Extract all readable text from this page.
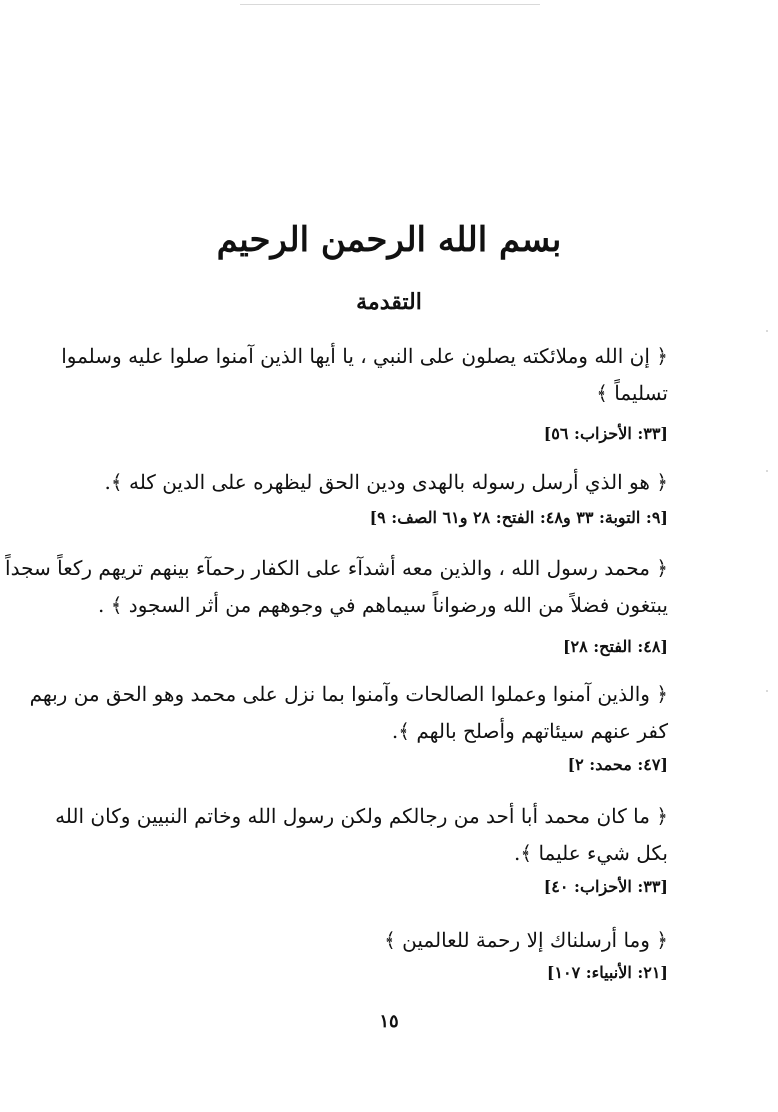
بسم الله الرحمن الرحيم
التقدمة
﴿ إن الله وملائكته يصلون على النبي ، يا أيها الذين آمنوا صلوا عليه وسلموا
تسليماً ﴾
[٣٣: الأحزاب: ٥٦]
﴿ هو الذي أرسل رسوله بالهدى ودين الحق ليظهره على الدين كله ﴾.
[٩: التوبة: ٣٣ و٤٨: الفتح: ٢٨ و٦١ الصف: ٩]
﴿ محمد رسول الله ، والذين معه أشدآء على الكفار رحمآء بينهم تريهم ركعاً سجداً
يبتغون فضلاً من الله ورضواناً سيماهم في وجوههم من أثر السجود ﴾ .
[٤٨: الفتح: ٢٨]
﴿ والذين آمنوا وعملوا الصالحات وآمنوا بما نزل على محمد وهو الحق من ربهم
كفر عنهم سيئاتهم وأصلح بالهم ﴾.
[٤٧: محمد: ٢]
﴿ ما كان محمد أبا أحد من رجالكم ولكن رسول الله وخاتم النبيين وكان الله
بكل شيء عليما ﴾.
[٣٣: الأحزاب: ٤٠]
﴿ وما أرسلناك إلا رحمة للعالمين ﴾
[٢١: الأنبياء: ١٠٧]
١٥
